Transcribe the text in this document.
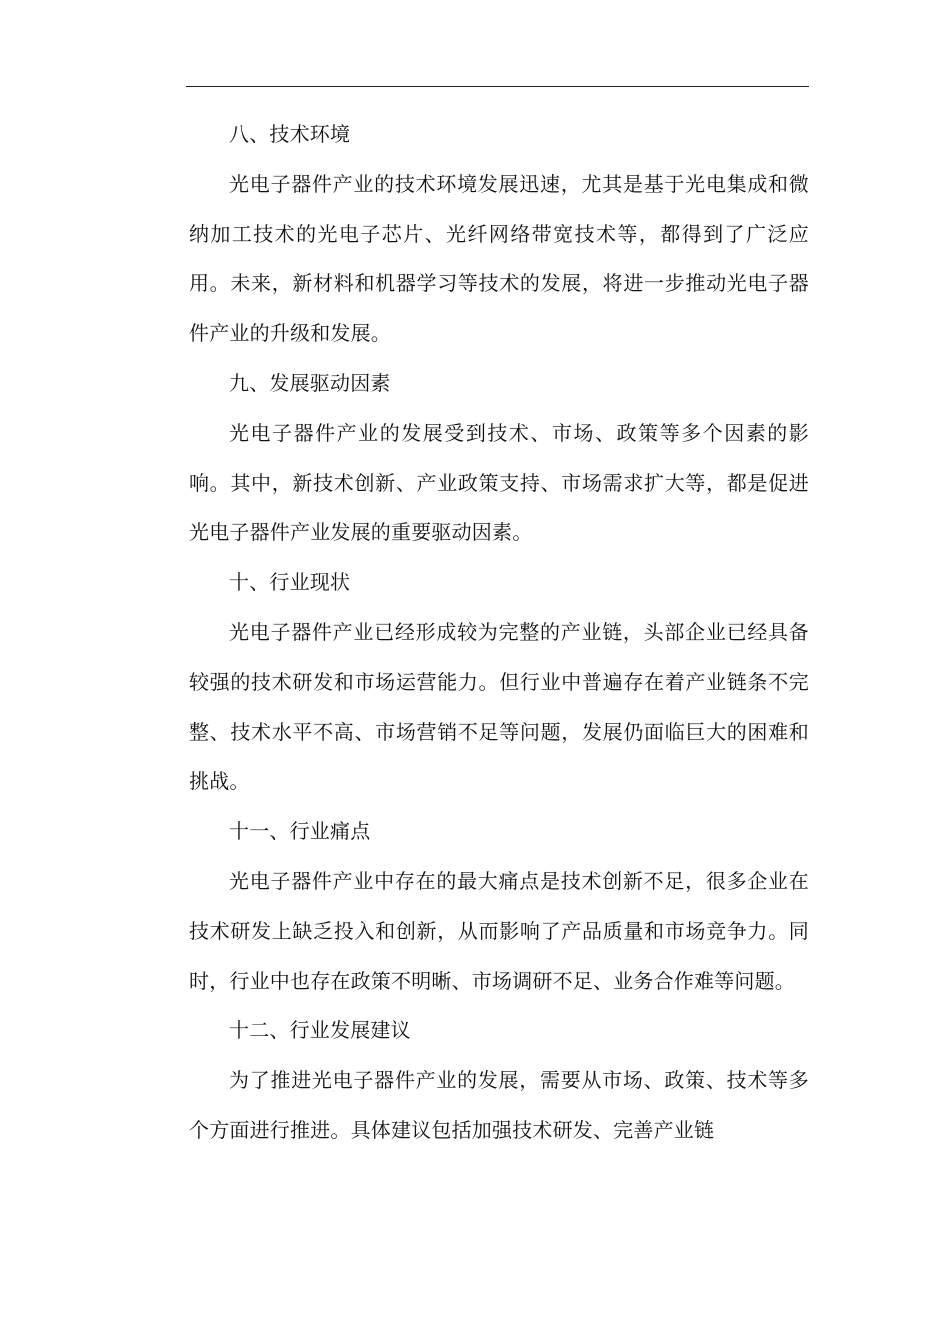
八、技术环境

光电子器件产业的技术环境发展迅速，尤其是基于光电集成和微纳加工技术的光电子芯片、光纤网络带宽技术等，都得到了广泛应用。未来，新材料和机器学习等技术的发展，将进一步推动光电子器件产业的升级和发展。

九、发展驱动因素

光电子器件产业的发展受到技术、市场、政策等多个因素的影响。其中，新技术创新、产业政策支持、市场需求扩大等，都是促进光电子器件产业发展的重要驱动因素。

十、行业现状

光电子器件产业已经形成较为完整的产业链，头部企业已经具备较强的技术研发和市场运营能力。但行业中普遍存在着产业链条不完整、技术水平不高、市场营销不足等问题，发展仍面临巨大的困难和挑战。

十一、行业痛点

光电子器件产业中存在的最大痛点是技术创新不足，很多企业在技术研发上缺乏投入和创新，从而影响了产品质量和市场竞争力。同时，行业中也存在政策不明晰、市场调研不足、业务合作难等问题。

十二、行业发展建议

为了推进光电子器件产业的发展，需要从市场、政策、技术等多个方面进行推进。具体建议包括加强技术研发、完善产业链
